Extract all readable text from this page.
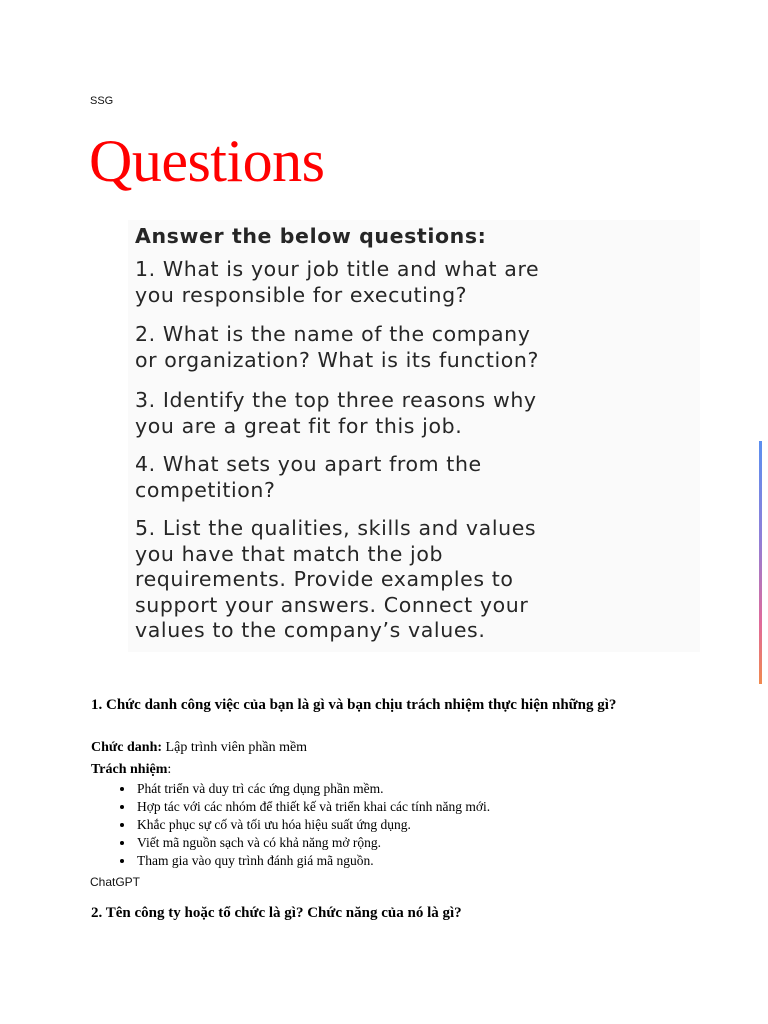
SSG
Questions
Answer the below questions:
1. What is your job title and what are
you responsible for executing?
2. What is the name of the company
or organization? What is its function?
3. Identify the top three reasons why
you are a great fit for this job.
4. What sets you apart from the
competition?
5. List the qualities, skills and values
you have that match the job
requirements. Provide examples to
support your answers. Connect your
values to the company’s values.
1. Chức danh công việc của bạn là gì và bạn chịu trách nhiệm thực hiện những gì?
Chức danh: Lập trình viên phần mềm
Trách nhiệm:
• Phát triển và duy trì các ứng dụng phần mềm.
• Hợp tác với các nhóm để thiết kế và triển khai các tính năng mới.
• Khắc phục sự cố và tối ưu hóa hiệu suất ứng dụng.
• Viết mã nguồn sạch và có khả năng mở rộng.
• Tham gia vào quy trình đánh giá mã nguồn.
ChatGPT
2. Tên công ty hoặc tổ chức là gì? Chức năng của nó là gì?
